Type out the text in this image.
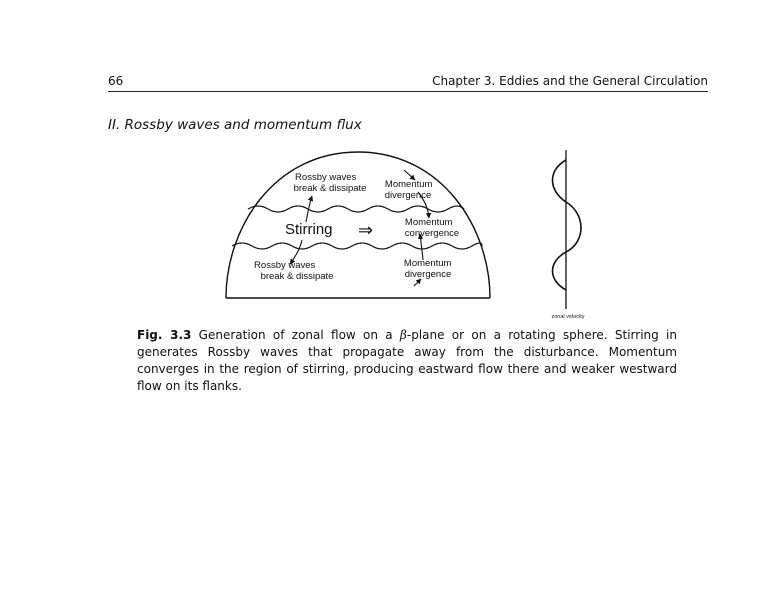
66	Chapter 3. Eddies and the General Circulation
II. Rossby waves and momentum flux
Rossby waves break & dissipate Momentum divergence
Stirring ⇒	Momentum convergence
Rossby waves break & dissipate
Momentum divergence
zonal velocity
Fig. 3.3 Generation of zonal flow on a β-plane or on a rotating sphere. Stirring in generates Rossby waves that propagate away from the disturbance. Momentum converges in the region of stirring, producing eastward flow there and weaker westward flow on its flanks.
